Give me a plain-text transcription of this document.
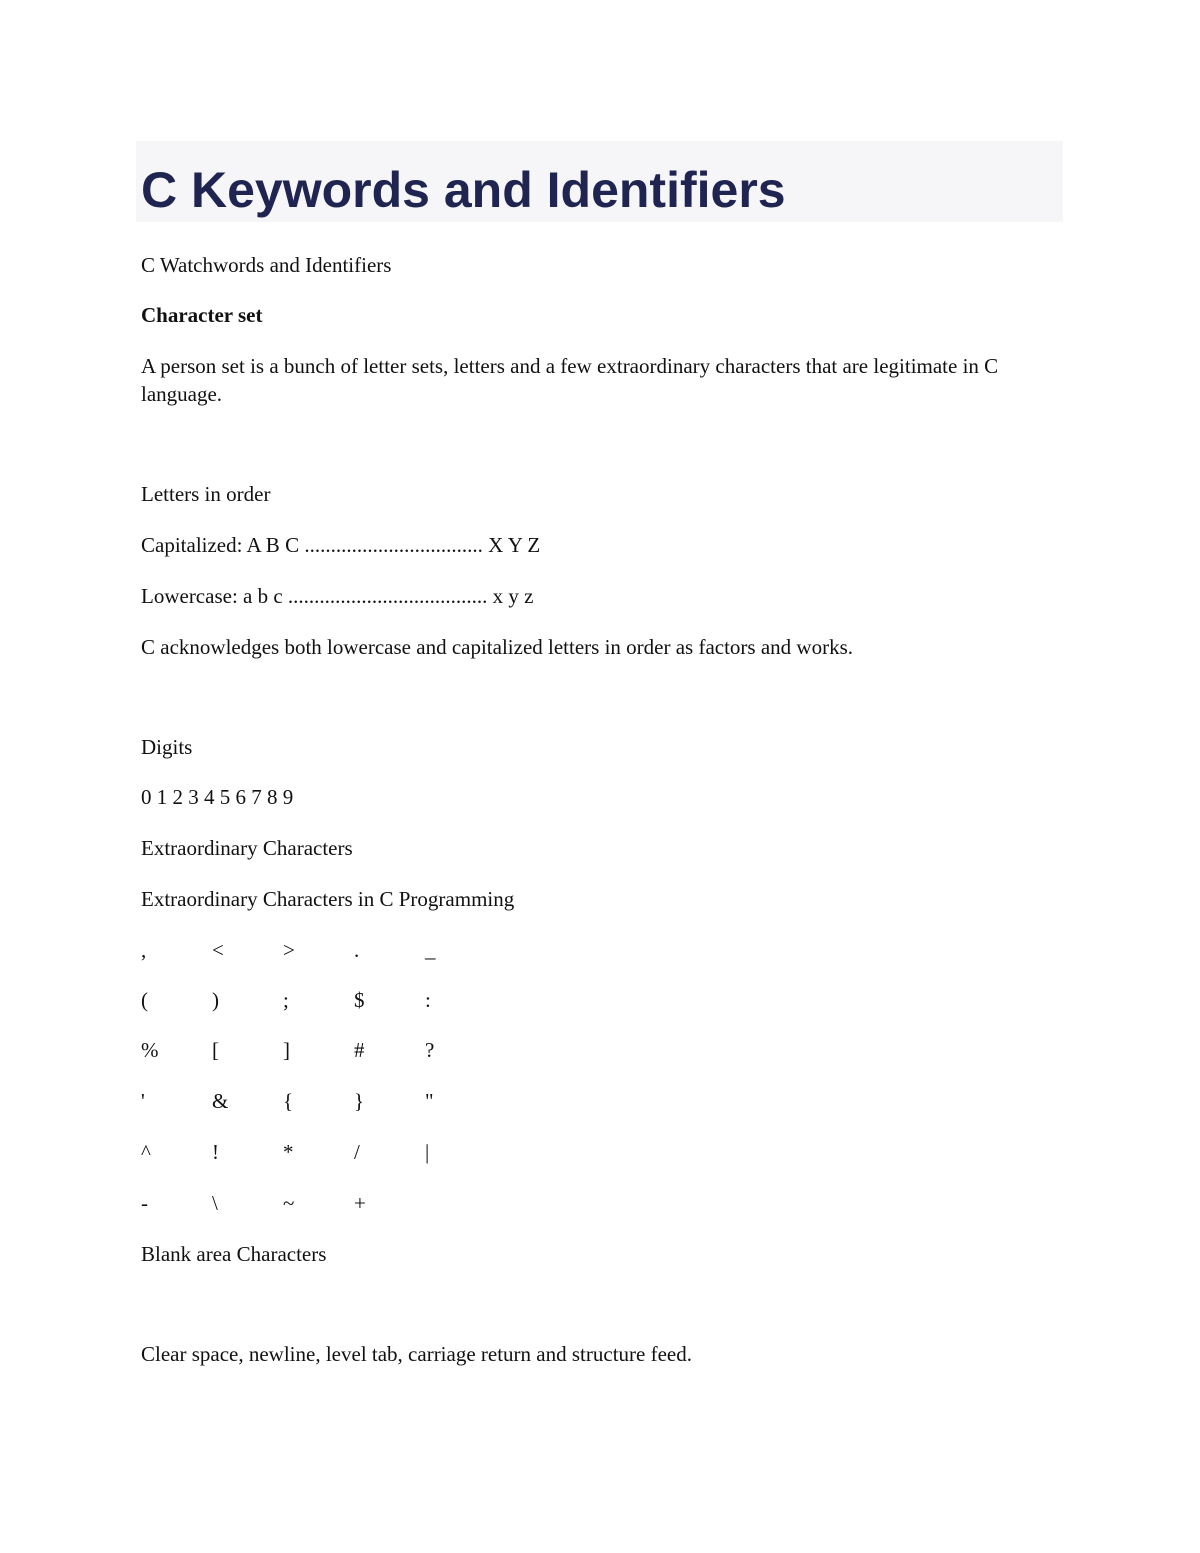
C Keywords and Identifiers

C Watchwords and Identifiers

Character set

A person set is a bunch of letter sets, letters and a few extraordinary characters that are legitimate in C language.

Letters in order

Capitalized: A B C .................................. X Y Z

Lowercase: a b c ...................................... x y z

C acknowledges both lowercase and capitalized letters in order as factors and works.

Digits

0 1 2 3 4 5 6 7 8 9

Extraordinary Characters

Extraordinary Characters in C Programming

,	<	>	.	_
(	)	;	$	:
%	[	]	#	?
'	&	{	}	"
^	!	*	/	|
-	\	~	+

Blank area Characters

Clear space, newline, level tab, carriage return and structure feed.
